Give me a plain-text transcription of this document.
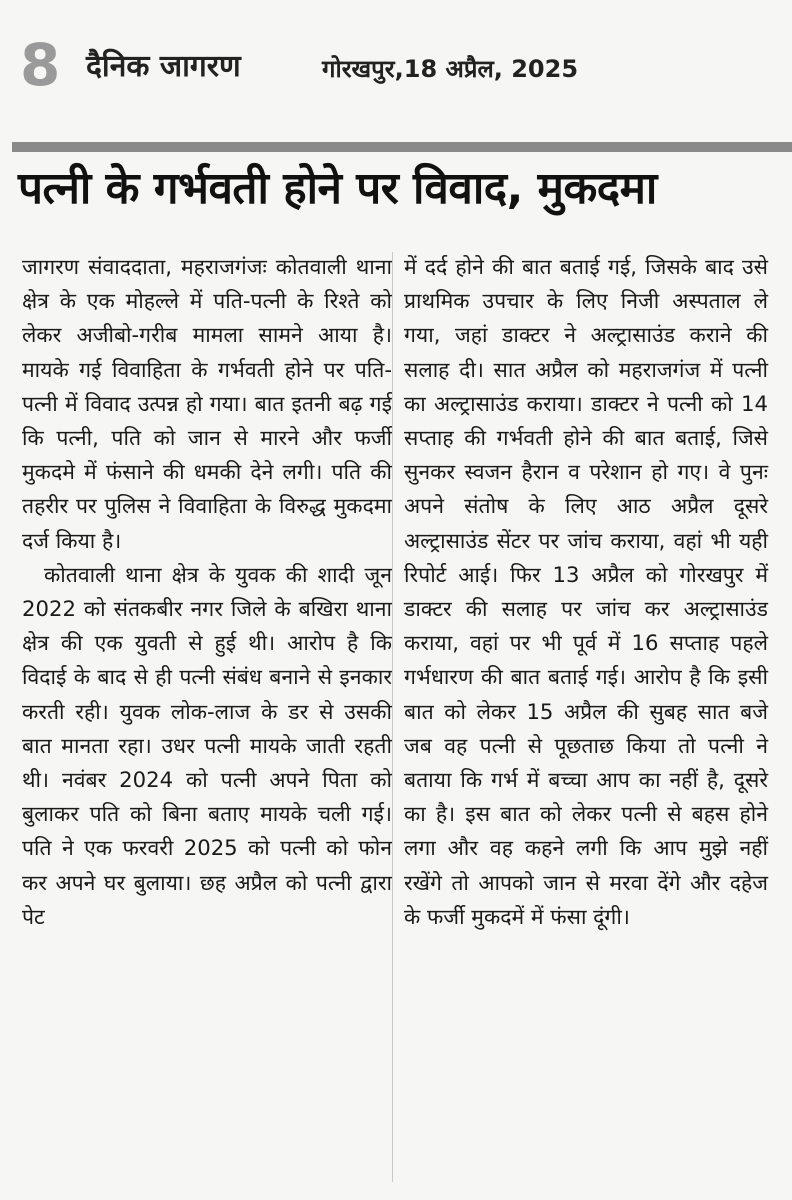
8 दैनिक जागरण	गोरखपुर,18 अप्रैल, 2025
पत्नी के गर्भवती होने पर विवाद, मुकदमा

जागरण संवाददाता, महराजगंजः कोतवाली थाना क्षेत्र के एक मोहल्ले में पति-पत्नी के रिश्ते को लेकर अजीबो-गरीब मामला सामने आया है। मायके गई विवाहिता के गर्भवती होने पर पति-पत्नी में विवाद उत्पन्न हो गया। बात इतनी बढ़ गई कि पत्नी, पति को जान से मारने और फर्जी मुकदमे में फंसाने की धमकी देने लगी। पति की तहरीर पर पुलिस ने विवाहिता के विरुद्ध मुकदमा दर्ज किया है।

कोतवाली थाना क्षेत्र के युवक की शादी जून 2022 को संतकबीर नगर जिले के बखिरा थाना क्षेत्र की एक युवती से हुई थी। आरोप है कि विदाई के बाद से ही पत्नी संबंध बनाने से इनकार करती रही। युवक लोक-लाज के डर से उसकी बात मानता रहा। उधर पत्नी मायके जाती रहती थी। नवंबर 2024 को पत्नी अपने पिता को बुलाकर पति को बिना बताए मायके चली गई। पति ने एक फरवरी 2025 को पत्नी को फोन कर अपने घर बुलाया। छह अप्रैल को पत्नी द्वारा पेट

में दर्द होने की बात बताई गई, जिसके बाद उसे प्राथमिक उपचार के लिए निजी अस्पताल ले गया, जहां डाक्टर ने अल्ट्रासाउंड कराने की सलाह दी। सात अप्रैल को महराजगंज में पत्नी का अल्ट्रासाउंड कराया। डाक्टर ने पत्नी को 14 सप्ताह की गर्भवती होने की बात बताई, जिसे सुनकर स्वजन हैरान व परेशान हो गए। वे पुनः अपने संतोष के लिए आठ अप्रैल दूसरे अल्ट्रासाउंड सेंटर पर जांच कराया, वहां भी यही रिपोर्ट आई। फिर 13 अप्रैल को गोरखपुर में डाक्टर की सलाह पर जांच कर अल्ट्रासाउंड कराया, वहां पर भी पूर्व में 16 सप्ताह पहले गर्भधारण की बात बताई गई। आरोप है कि इसी बात को लेकर 15 अप्रैल की सुबह सात बजे जब वह पत्नी से पूछताछ किया तो पत्नी ने बताया कि गर्भ में बच्चा आप का नहीं है, दूसरे का है। इस बात को लेकर पत्नी से बहस होने लगा और वह कहने लगी कि आप मुझे नहीं रखेंगे तो आपको जान से मरवा देंगे और दहेज के फर्जी मुकदमें में फंसा दूंगी।
